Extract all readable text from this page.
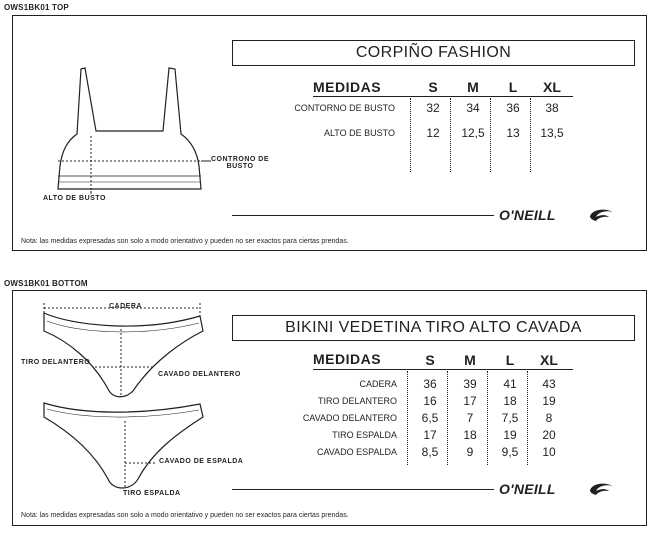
OWS1BK01 TOP
CONTRONO DE
BUSTO
ALTO DE BUSTO
CORPIÑO FASHION
MEDIDAS	S	M	L	XL
CONTORNO DE BUSTO	32	34	36	38
ALTO DE BUSTO	12	12,5	13	13,5
O'NEILL
Nota: las medidas expresadas son solo a modo orientativo y pueden no ser exactos para ciertas prendas.
OWS1BK01 BOTTOM
CADERA
TIRO DELANTERO
CAVADO DELANTERO
CAVADO DE ESPALDA
TIRO ESPALDA
BIKINI VEDETINA TIRO ALTO CAVADA
MEDIDAS	S	M	L	XL
CADERA	36	39	41	43
TIRO DELANTERO	16	17	18	19
CAVADO DELANTERO	6,5	7	7,5	8
TIRO ESPALDA	17	18	19	20
CAVADO ESPALDA	8,5	9	9,5	10
O'NEILL
Nota: las medidas expresadas son solo a modo orientativo y pueden no ser exactos para ciertas prendas.
